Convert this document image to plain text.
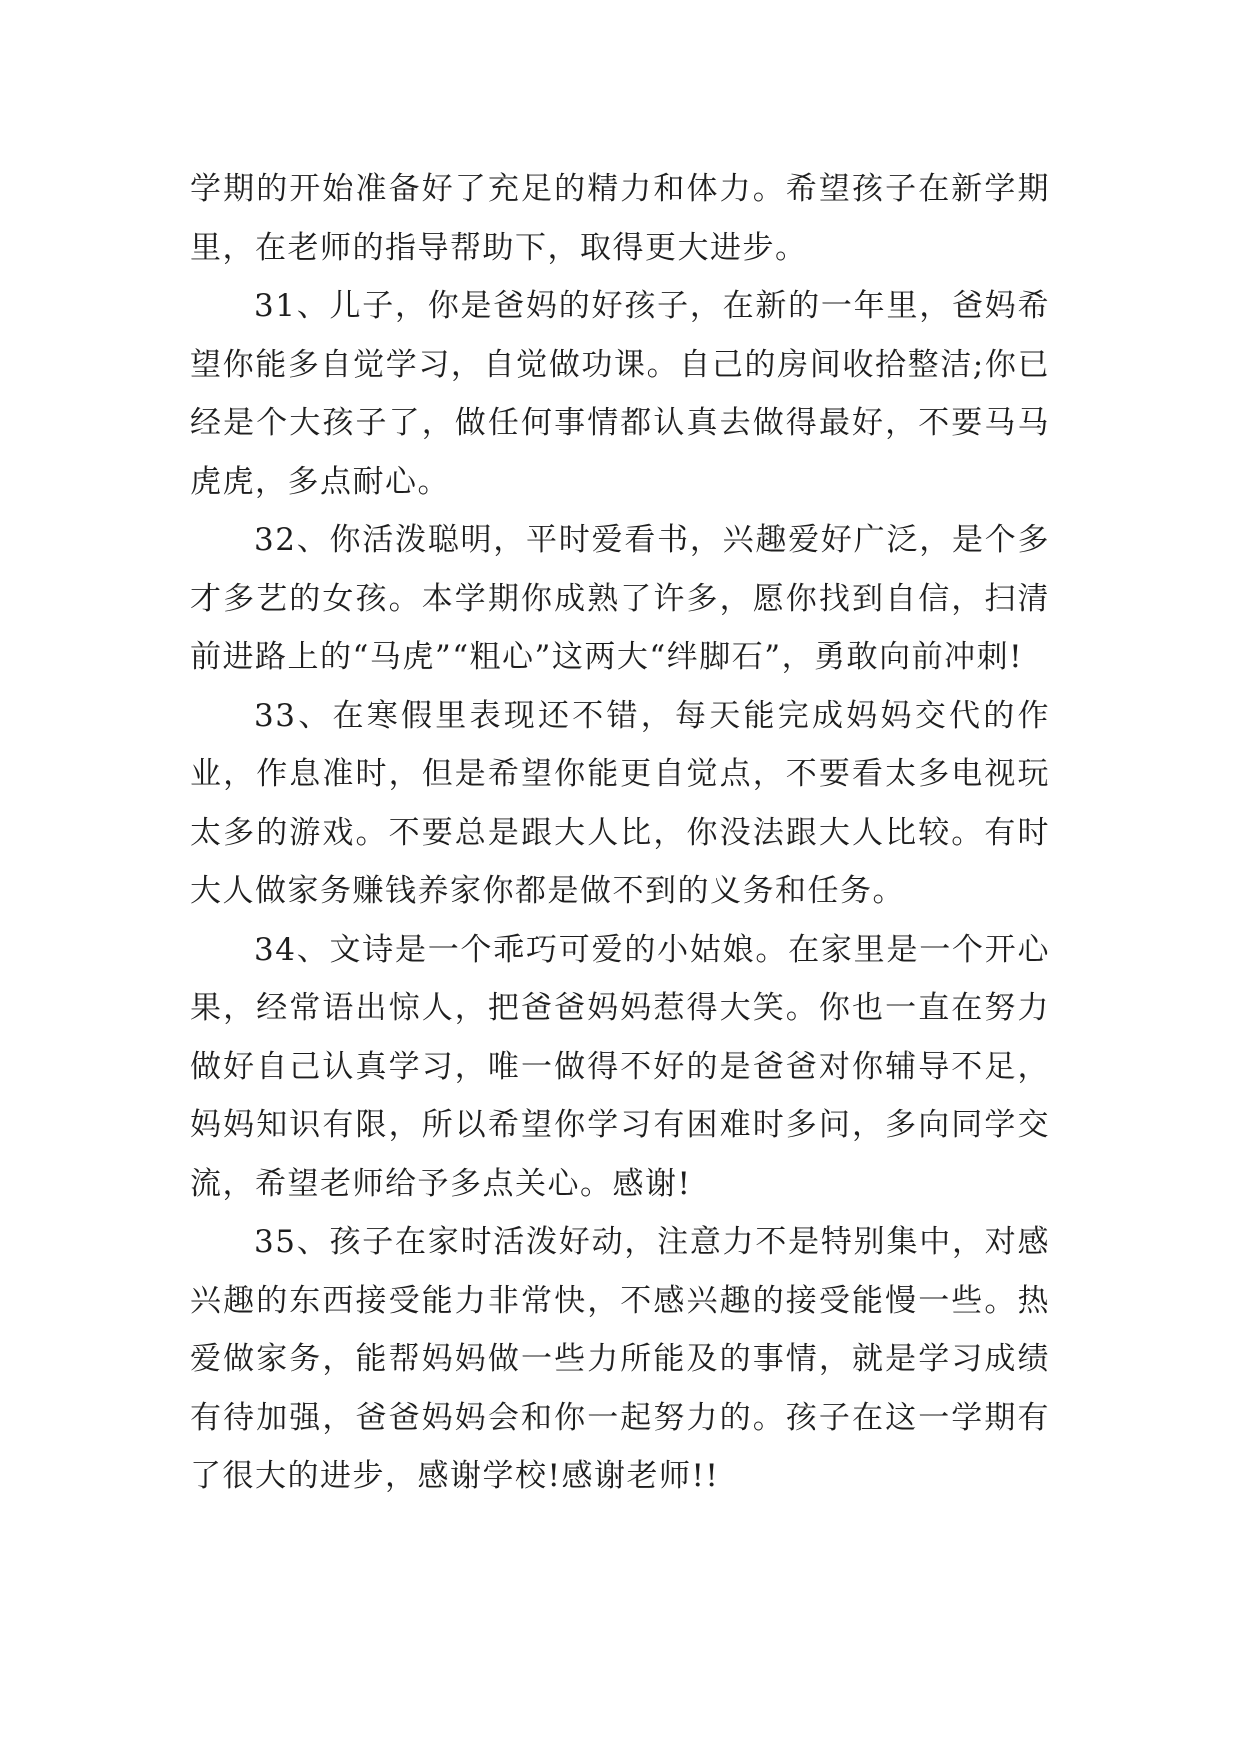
学期的开始准备好了充足的精力和体力。希望孩子在新学期里，在老师的指导帮助下，取得更大进步。

31、儿子，你是爸妈的好孩子，在新的一年里，爸妈希望你能多自觉学习，自觉做功课。自己的房间收拾整洁;你已经是个大孩子了，做任何事情都认真去做得最好，不要马马虎虎，多点耐心。

32、你活泼聪明，平时爱看书，兴趣爱好广泛，是个多才多艺的女孩。本学期你成熟了许多，愿你找到自信，扫清前进路上的“马虎”“粗心”这两大“绊脚石”，勇敢向前冲刺!

33、在寒假里表现还不错，每天能完成妈妈交代的作业，作息准时，但是希望你能更自觉点，不要看太多电视玩太多的游戏。不要总是跟大人比，你没法跟大人比较。有时大人做家务赚钱养家你都是做不到的义务和任务。

34、文诗是一个乖巧可爱的小姑娘。在家里是一个开心果，经常语出惊人，把爸爸妈妈惹得大笑。你也一直在努力做好自己认真学习，唯一做得不好的是爸爸对你辅导不足，妈妈知识有限，所以希望你学习有困难时多问，多向同学交流，希望老师给予多点关心。感谢!

35、孩子在家时活泼好动，注意力不是特别集中，对感兴趣的东西接受能力非常快，不感兴趣的接受能慢一些。热爱做家务，能帮妈妈做一些力所能及的事情，就是学习成绩有待加强，爸爸妈妈会和你一起努力的。孩子在这一学期有了很大的进步，感谢学校!感谢老师!!
